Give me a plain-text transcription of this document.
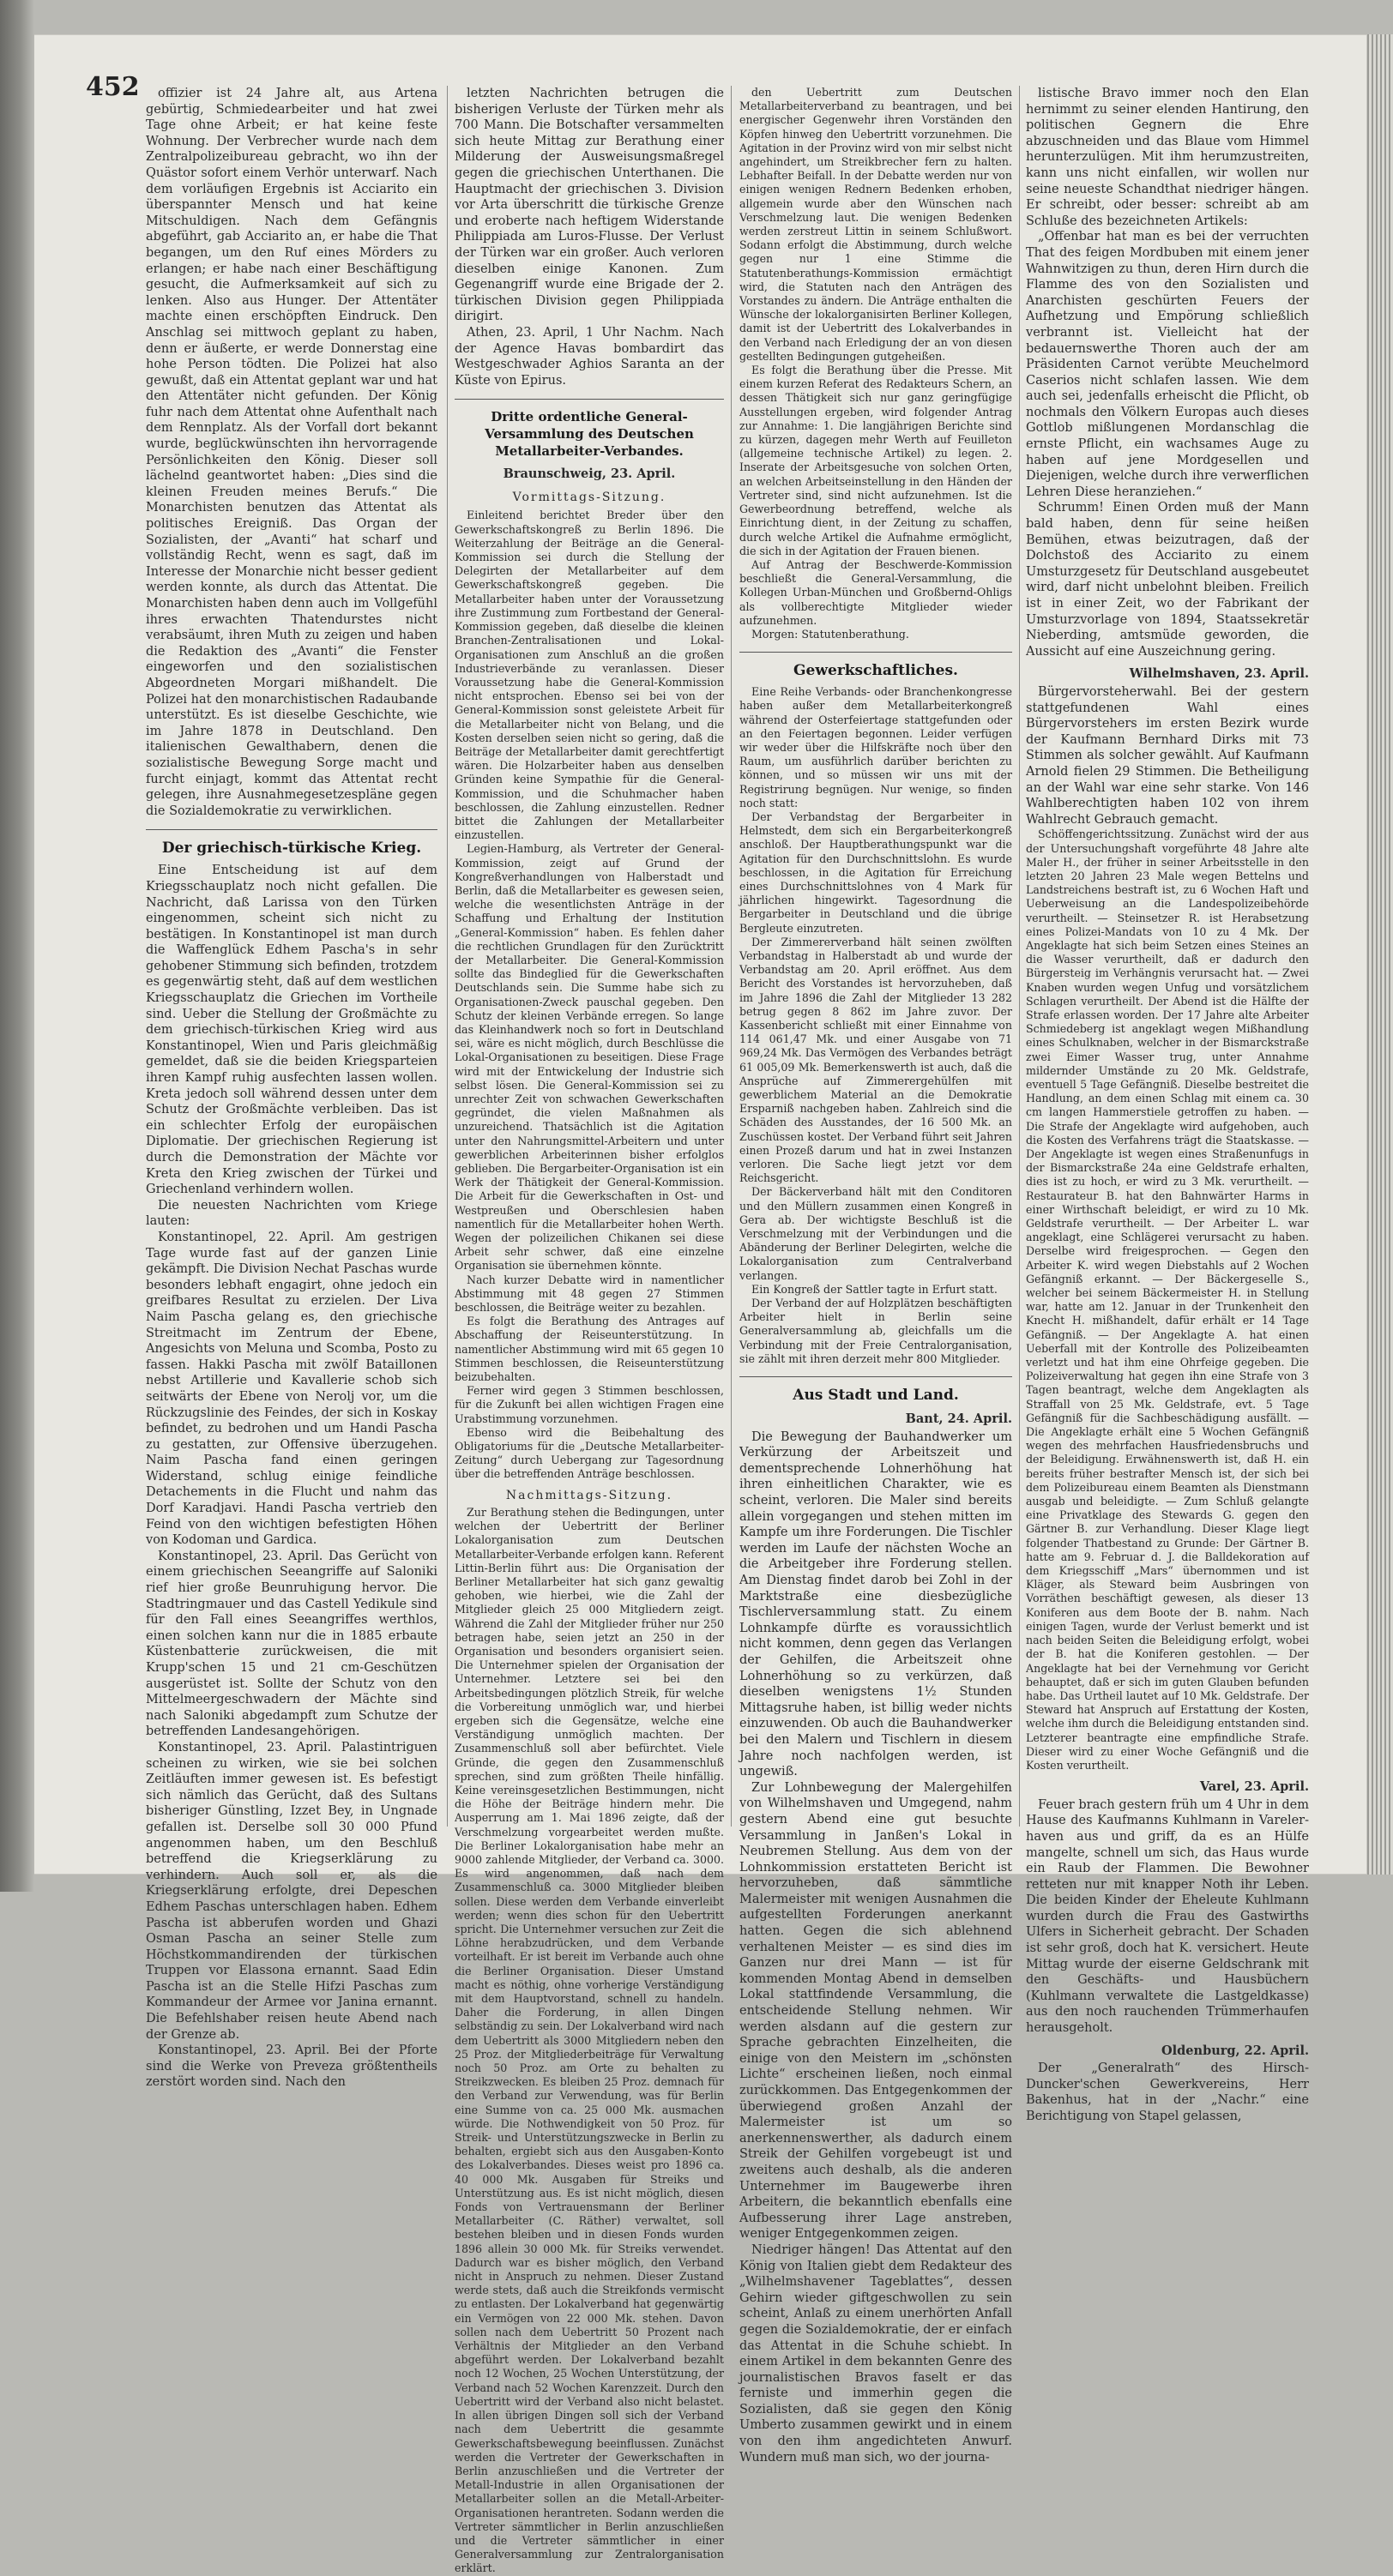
452	offizier ist 24 Jahre alt, aus Artena gebürtig, Schmiedearbeiter und hat zwei Tage ohne Arbeit; er hat keine feste Wohnung. Der Verbrecher wurde nach dem Zentralpolizeibureau gebracht, wo ihn der Quästor sofort einem Verhör unterwarf. Nach dem vorläufigen Ergebnis ist Acciarito ein überspannter Mensch und hat keine Mitschuldigen. Nach dem Gefängnis abgeführt, gab Acciarito an, er habe die That begangen, um den Ruf eines Mörders zu erlangen; er habe nach einer Beschäftigung gesucht, die Aufmerksamkeit auf sich zu lenken. Also aus Hunger. Der Attentäter machte einen erschöpften Eindruck. Den Anschlag sei mittwoch geplant zu haben, denn er äußerte, er werde Donnerstag eine hohe Person tödten. Die Polizei hat also gewußt, daß ein Attentat geplant war und hat den Attentäter nicht gefunden. Der König fuhr nach dem Attentat ohne Aufenthalt nach dem Rennplatz. Als der Vorfall dort bekannt wurde, beglückwünschten ihn hervorragende Persönlichkeiten den König. Dieser soll lächelnd geantwortet haben: „Dies sind die kleinen Freuden meines Berufs.“ Die Monarchisten benutzen das Attentat als politisches Ereigniß. Das Organ der Sozialisten, der „Avanti“ hat scharf und vollständig Recht, wenn es sagt, daß im Interesse der Monarchie nicht besser gedient werden konnte, als durch das Attentat. Die Monarchisten haben denn auch im Vollgefühl ihres erwachten Thatendurstes nicht verabsäumt, ihren Muth zu zeigen und haben die Redaktion des „Avanti“ die Fenster eingeworfen und den sozialistischen Abgeordneten Morgari mißhandelt. Die Polizei hat den monarchistischen Radaubande unterstützt. Es ist dieselbe Geschichte, wie im Jahre 1878 in Deutschland. Den italienischen Gewalthabern, denen die sozialistische Bewegung Sorge macht und furcht einjagt, kommt das Attentat recht gelegen, ihre Ausnahmegesetzespläne gegen die Sozialdemokratie zu verwirklichen.

Der griechisch-türkische Krieg.

Eine Entscheidung ist auf dem Kriegsschauplatz noch nicht gefallen. Die Nachricht, daß Larissa von den Türken eingenommen, scheint sich nicht zu bestätigen. In Konstantinopel ist man durch die Waffenglück Edhem Pascha's in sehr gehobener Stimmung sich befinden, trotzdem es gegenwärtig steht, daß auf dem westlichen Kriegsschauplatz die Griechen im Vortheile sind. Ueber die Stellung der Großmächte zu dem griechisch-türkischen Krieg wird aus Konstantinopel, Wien und Paris gleichmäßig gemeldet, daß sie die beiden Kriegsparteien ihren Kampf ruhig ausfechten lassen wollen. Kreta jedoch soll während dessen unter dem Schutz der Großmächte verbleiben. Das ist ein schlechter Erfolg der europäischen Diplomatie. Der griechischen Regierung ist durch die Demonstration der Mächte vor Kreta den Krieg zwischen der Türkei und Griechenland verhindern wollen.

Die neuesten Nachrichten vom Kriege lauten:

Konstantinopel, 22. April. Am gestrigen Tage wurde fast auf der ganzen Linie gekämpft. Die Division Nechat Paschas wurde besonders lebhaft engagirt, ohne jedoch ein greifbares Resultat zu erzielen. Der Liva Naim Pascha gelang es, den griechische Streitmacht im Zentrum der Ebene, Angesichts von Meluna und Scomba, Posto zu fassen. Hakki Pascha mit zwölf Bataillonen nebst Artillerie und Kavallerie schob sich seitwärts der Ebene von Nerolj vor, um die Rückzugslinie des Feindes, der sich in Koskay befindet, zu bedrohen und um Handi Pascha zu gestatten, zur Offensive überzugehen. Naim Pascha fand einen geringen Widerstand, schlug einige feindliche Detachements in die Flucht und nahm das Dorf Karadjavi. Handi Pascha vertrieb den Feind von den wichtigen befestigten Höhen von Kodoman und Gardica.

Konstantinopel, 23. April. Das Gerücht von einem griechischen Seeangriffe auf Saloniki rief hier große Beunruhigung hervor. Die Stadtringmauer und das Castell Yedikule sind für den Fall eines Seeangriffes werthlos, einen solchen kann nur die in 1885 erbaute Küstenbatterie zurückweisen, die mit Krupp'schen 15 und 21 cm-Geschützen ausgerüstet ist. Sollte der Schutz von den Mittelmeergeschwadern der Mächte sind nach Saloniki abgedampft zum Schutze der betreffenden Landesangehörigen.

Konstantinopel, 23. April. Palastintriguen scheinen zu wirken, wie sie bei solchen Zeitläuften immer gewesen ist. Es befestigt sich nämlich das Gerücht, daß des Sultans bisheriger Günstling, Izzet Bey, in Ungnade gefallen ist. Derselbe soll 30 000 Pfund angenommen haben, um den Beschluß betreffend die Kriegserklärung zu verhindern. Auch soll er, als die Kriegserklärung erfolgte, drei Depeschen Edhem Paschas unterschlagen haben. Edhem Pascha ist abberufen worden und Ghazi Osman Pascha an seiner Stelle zum Höchstkommandirenden der türkischen Truppen vor Elassona ernannt. Saad Edin Pascha ist an die Stelle Hifzi Paschas zum Kommandeur der Armee vor Janina ernannt. Die Befehlshaber reisen heute Abend nach der Grenze ab.

Konstantinopel, 23. April. Bei der Pforte sind die Werke von Preveza größtentheils zerstört worden sind. Nach den

letzten Nachrichten betrugen die bisherigen Verluste der Türken mehr als 700 Mann. Die Botschafter versammelten sich heute Mittag zur Berathung einer Milderung der Ausweisungsmaßregel gegen die griechischen Unterthanen. Die Hauptmacht der griechischen 3. Division vor Arta überschritt die türkische Grenze und eroberte nach heftigem Widerstande Philippiada am Luros-Flusse. Der Verlust der Türken war ein großer. Auch verloren dieselben einige Kanonen. Zum Gegenangriff wurde eine Brigade der 2. türkischen Division gegen Philippiada dirigirt.

Athen, 23. April, 1 Uhr Nachm. Nach der Agence Havas bombardirt das Westgeschwader Aghios Saranta an der Küste von Epirus.

Dritte ordentliche General-Versammlung des Deutschen Metallarbeiter-Verbandes.
Braunschweig, 23. April.
Vormittags-Sitzung.

Einleitend berichtet Breder über den Gewerkschaftskongreß zu Berlin 1896. Die Weiterzahlung der Beiträge an die General-Kommission sei durch die Stellung der Delegirten der Metallarbeiter auf dem Gewerkschaftskongreß gegeben. Die Metallarbeiter haben unter der Voraussetzung ihre Zustimmung zum Fortbestand der General-Kommission gegeben, daß dieselbe die kleinen Branchen-Zentralisationen und Lokal-Organisationen zum Anschluß an die großen Industrieverbände zu veranlassen. Dieser Voraussetzung habe die General-Kommission nicht entsprochen. Ebenso sei bei von der General-Kommission sonst geleistete Arbeit für die Metallarbeiter nicht von Belang, und die Kosten derselben seien nicht so gering, daß die Beiträge der Metallarbeiter damit gerechtfertigt wären. Die Holzarbeiter haben aus denselben Gründen keine Sympathie für die General-Kommission, und die Schuhmacher haben beschlossen, die Zahlung einzustellen. Redner bittet die Zahlungen der Metallarbeiter einzustellen.

Legien-Hamburg, als Vertreter der General-Kommission, zeigt auf Grund der Kongreßverhandlungen von Halberstadt und Berlin, daß die Metallarbeiter es gewesen seien, welche die wesentlichsten Anträge in der Schaffung und Erhaltung der Institution „General-Kommission“ haben. Es fehlen daher die rechtlichen Grundlagen für den Zurücktritt der Metallarbeiter. Die General-Kommission sollte das Bindeglied für die Gewerkschaften Deutschlands sein. Die Summe habe sich zu Organisationen-Zweck pauschal gegeben. Den Schutz der kleinen Verbände erregen. So lange das Kleinhandwerk noch so fort in Deutschland sei, wäre es nicht möglich, durch Beschlüsse die Lokal-Organisationen zu beseitigen. Diese Frage wird mit der Entwickelung der Industrie sich selbst lösen. Die General-Kommission sei zu unrechter Zeit von schwachen Gewerkschaften gegründet, die vielen Maßnahmen als unzureichend. Thatsächlich ist die Agitation unter den Nahrungsmittel-Arbeitern und unter gewerblichen Arbeiterinnen bisher erfolglos geblieben. Die Bergarbeiter-Organisation ist ein Werk der Thätigkeit der General-Kommission. Die Arbeit für die Gewerkschaften in Ost- und Westpreußen und Oberschlesien haben namentlich für die Metallarbeiter hohen Werth. Wegen der polizeilichen Chikanen sei diese Arbeit sehr schwer, daß eine einzelne Organisation sie übernehmen könnte.

Nach kurzer Debatte wird in namentlicher Abstimmung mit 48 gegen 27 Stimmen beschlossen, die Beiträge weiter zu bezahlen.

Es folgt die Berathung des Antrages auf Abschaffung der Reiseunterstützung. In namentlicher Abstimmung wird mit 65 gegen 10 Stimmen beschlossen, die Reiseunterstützung beizubehalten.

Ferner wird gegen 3 Stimmen beschlossen, für die Zukunft bei allen wichtigen Fragen eine Urabstimmung vorzunehmen.

Ebenso wird die Beibehaltung des Obligatoriums für die „Deutsche Metallarbeiter-Zeitung“ durch Uebergang zur Tagesordnung über die betreffenden Anträge beschlossen.

Nachmittags-Sitzung.

Zur Berathung stehen die Bedingungen, unter welchen der Uebertritt der Berliner Lokalorganisation zum Deutschen Metallarbeiter-Verbande erfolgen kann. Referent Littin-Berlin führt aus: Die Organisation der Berliner Metallarbeiter hat sich ganz gewaltig gehoben, wie hierbei, wie die Zahl der Mitglieder gleich 25 000 Mitgliedern zeigt. Während die Zahl der Mitglieder früher nur 250 betragen habe, seien jetzt an 250 in der Organisation und besonders organisiert seien. Die Unternehmer spielen der Organisation der Unternehmer. Letztere sei bei den Arbeitsbedingungen plötzlich Streik, für welche die Vorbereitung unmöglich war, und hierbei ergeben sich die Gegensätze, welche eine Verständigung unmöglich machten. Der Zusammenschluß soll aber befürchtet. Viele Gründe, die gegen den Zusammenschluß sprechen, sind zum größten Theile hinfällig. Keine vereinsgesetzlichen Bestimmungen, nicht die Höhe der Beiträge hindern mehr. Die Ausperrung am 1. Mai 1896 zeigte, daß der Verschmelzung vorgearbeitet werden mußte. Die Berliner Lokalorganisation habe mehr an 9000 zahlende Mitglieder, der Verband ca. 3000. Es wird angenommen, daß nach dem Zusammenschluß ca. 3000 Mitglieder bleiben sollen. Diese werden dem Verbande einverleibt werden; wenn dies schon für den Uebertritt spricht. Die Unternehmer versuchen zur Zeit die Löhne herabzudrücken, und dem Verbande vorteilhaft. Er ist bereit im Verbande auch ohne die Berliner Organisation. Dieser Umstand macht es nöthig, ohne vorherige Verständigung mit dem Hauptvorstand, schnell zu handeln. Daher die Forderung, in allen Dingen selbständig zu sein. Der Lokalverband wird nach dem Uebertritt als 3000 Mitgliedern neben den 25 Proz. der Mitgliederbeiträge für Verwaltung noch 50 Proz. am Orte zu behalten zu Streikzwecken. Es bleiben 25 Proz. demnach für den Verband zur Verwendung, was für Berlin eine Summe von ca. 25 000 Mk. ausmachen würde. Die Nothwendigkeit von 50 Proz. für Streik- und Unterstützungszwecke in Berlin zu behalten, ergiebt sich aus den Ausgaben-Konto des Lokalverbandes. Dieses weist pro 1896 ca. 40 000 Mk. Ausgaben für Streiks und Unterstützung aus. Es ist nicht möglich, diesen Fonds von Vertrauensmann der Berliner Metallarbeiter (C. Räther) verwaltet, soll bestehen bleiben und in diesen Fonds wurden 1896 allein 30 000 Mk. für Streiks verwendet. Dadurch war es bisher möglich, den Verband nicht in Anspruch zu nehmen. Dieser Zustand werde stets, daß auch die Streikfonds vermischt zu entlasten. Der Lokalverband hat gegenwärtig ein Vermögen von 22 000 Mk. stehen. Davon sollen nach dem Uebertritt 50 Prozent nach Verhältnis der Mitglieder an den Verband abgeführt werden. Der Lokalverband bezahlt noch 12 Wochen, 25 Wochen Unterstützung, der Verband nach 52 Wochen Karenzzeit. Durch den Uebertritt wird der Verband also nicht belastet. In allen übrigen Dingen soll sich der Verband nach dem Uebertritt die gesammte Gewerkschaftsbewegung beeinflussen. Zunächst werden die Vertreter der Gewerkschaften in Berlin anzuschließen und die Vertreter der Metall-Industrie in allen Organisationen der Metallarbeiter sollen an die Metall-Arbeiter-Organisationen herantreten. Sodann werden die Vertreter sämmtlicher in Berlin anzuschließen und die Vertreter sämmtlicher in einer Generalversammlung zur Zentralorganisation erklärt.

den Uebertritt zum Deutschen Metallarbeiterverband zu beantragen, und bei energischer Gegenwehr ihren Vorständen den Köpfen hinweg den Uebertritt vorzunehmen. Die Agitation in der Provinz wird von mir selbst nicht angehindert, um Streikbrecher fern zu halten. Lebhafter Beifall. In der Debatte werden nur von einigen wenigen Rednern Bedenken erhoben, allgemein wurde aber den Wünschen nach Verschmelzung laut. Die wenigen Bedenken werden zerstreut Littin in seinem Schlußwort. Sodann erfolgt die Abstimmung, durch welche gegen nur 1 eine Stimme die Statutenberathungs-Kommission ermächtigt wird, die Statuten nach den Anträgen des Vorstandes zu ändern. Die Anträge enthalten die Wünsche der lokalorganisirten Berliner Kollegen, damit ist der Uebertritt des Lokalverbandes in den Verband nach Erledigung der an von diesen gestellten Bedingungen gutgeheißen.

Es folgt die Berathung über die Presse. Mit einem kurzen Referat des Redakteurs Schern, an dessen Thätigkeit sich nur ganz geringfügige Ausstellungen ergeben, wird folgender Antrag zur Annahme: 1. Die langjährigen Berichte sind zu kürzen, dagegen mehr Werth auf Feuilleton (allgemeine technische Artikel) zu legen. 2. Inserate der Arbeitsgesuche von solchen Orten, an welchen Arbeitseinstellung in den Händen der Vertreter sind, sind nicht aufzunehmen. Ist die Gewerbeordnung betreffend, welche als Einrichtung dient, in der Zeitung zu schaffen, durch welche Artikel die Aufnahme ermöglicht, die sich in der Agitation der Frauen bienen.

Auf Antrag der Beschwerde-Kommission beschließt die General-Versammlung, die Kollegen Urban-München und Großbernd-Ohligs als vollberechtigte Mitglieder wieder aufzunehmen.

Morgen: Statutenberathung.

Gewerkschaftliches.

Eine Reihe Verbands- oder Branchenkongresse haben außer dem Metallarbeiterkongreß während der Osterfeiertage stattgefunden oder an den Feiertagen begonnen. Leider verfügen wir weder über die Hilfskräfte noch über den Raum, um ausführlich darüber berichten zu können, und so müssen wir uns mit der Registrirung begnügen. Nur wenige, so finden noch statt:

Der Verbandstag der Bergarbeiter in Helmstedt, dem sich ein Bergarbeiterkongreß anschloß. Der Hauptberathungspunkt war die Agitation für den Durchschnittslohn. Es wurde beschlossen, in die Agitation für Erreichung eines Durchschnittslohnes von 4 Mark für jährlichen hingewirkt. Tagesordnung die Bergarbeiter in Deutschland und die übrige Bergleute einzutreten.

Der Zimmererverband hält seinen zwölften Verbandstag in Halberstadt ab und wurde der Verbandstag am 20. April eröffnet. Aus dem Bericht des Vorstandes ist hervorzuheben, daß im Jahre 1896 die Zahl der Mitglieder 13 282 betrug gegen 8 862 im Jahre zuvor. Der Kassenbericht schließt mit einer Einnahme von 114 061,47 Mk. und einer Ausgabe von 71 969,24 Mk. Das Vermögen des Verbandes beträgt 61 005,09 Mk. Bemerkenswerth ist auch, daß die Ansprüche auf Zimmerergehülfen mit gewerblichem Material an die Demokratie Ersparniß nachgeben haben. Zahlreich sind die Schäden des Ausstandes, der 16 500 Mk. an Zuschüssen kostet. Der Verband führt seit Jahren einen Prozeß darum und hat in zwei Instanzen verloren. Die Sache liegt jetzt vor dem Reichsgericht.

Der Bäckerverband hält mit den Conditoren und den Müllern zusammen einen Kongreß in Gera ab. Der wichtigste Beschluß ist die Verschmelzung mit der Verbindungen und die Abänderung der Berliner Delegirten, welche die Lokalorganisation zum Centralverband verlangen.

Ein Kongreß der Sattler tagte in Erfurt statt.

Der Verband der auf Holzplätzen beschäftigten Arbeiter hielt in Berlin seine Generalversammlung ab, gleichfalls um die Verbindung mit der Freie Centralorganisation, sie zählt mit ihren derzeit mehr 800 Mitglieder.

Aus Stadt und Land.
Bant, 24. April.

Die Bewegung der Bauhandwerker um Verkürzung der Arbeitszeit und dementsprechende Lohnerhöhung hat ihren einheitlichen Charakter, wie es scheint, verloren. Die Maler sind bereits allein vorgegangen und stehen mitten im Kampfe um ihre Forderungen. Die Tischler werden im Laufe der nächsten Woche an die Arbeitgeber ihre Forderung stellen. Am Dienstag findet darob bei Zohl in der Marktstraße eine diesbezügliche Tischlerversammlung statt. Zu einem Lohnkampfe dürfte es voraussichtlich nicht kommen, denn gegen das Verlangen der Gehilfen, die Arbeitszeit ohne Lohnerhöhung so zu verkürzen, daß dieselben wenigstens 1½ Stunden Mittagsruhe haben, ist billig weder nichts einzuwenden. Ob auch die Bauhandwerker bei den Malern und Tischlern in diesem Jahre noch nachfolgen werden, ist ungewiß.

Zur Lohnbewegung der Malergehilfen von Wilhelmshaven und Umgegend, nahm gestern Abend eine gut besuchte Versammlung in Janßen's Lokal in Neubremen Stellung. Aus dem von der Lohnkommission erstatteten Bericht ist hervorzuheben, daß sämmtliche Malermeister mit wenigen Ausnahmen die aufgestellten Forderungen anerkannt hatten. Gegen die sich ablehnend verhaltenen Meister — es sind dies im Ganzen nur drei Mann — ist für kommenden Montag Abend in demselben Lokal stattfindende Versammlung, die entscheidende Stellung nehmen. Wir werden alsdann auf die gestern zur Sprache gebrachten Einzelheiten, die einige von den Meistern im „schönsten Lichte“ erscheinen ließen, noch einmal zurückkommen. Das Entgegenkommen der überwiegend großen Anzahl der Malermeister ist um so anerkennenswerther, als dadurch einem Streik der Gehilfen vorgebeugt ist und zweitens auch deshalb, als die anderen Unternehmer im Baugewerbe ihren Arbeitern, die bekanntlich ebenfalls eine Aufbesserung ihrer Lage anstreben, weniger Entgegenkommen zeigen.

Niedriger hängen! Das Attentat auf den König von Italien giebt dem Redakteur des „Wilhelmshavener Tageblattes“, dessen Gehirn wieder giftgeschwollen zu sein scheint, Anlaß zu einem unerhörten Anfall gegen die Sozialdemokratie, der er einfach das Attentat in die Schuhe schiebt. In einem Artikel in dem bekannten Genre des journalistischen Bravos faselt er das ferniste und immerhin gegen die Sozialisten, daß sie gegen den König Umberto zusammen gewirkt und in einem von den ihm angedichteten Anwurf. Wundern muß man sich, wo der journa-

listische Bravo immer noch den Elan hernimmt zu seiner elenden Hantirung, den politischen Gegnern die Ehre abzuschneiden und das Blaue vom Himmel herunterzulügen. Mit ihm herumzustreiten, kann uns nicht einfallen, wir wollen nur seine neueste Schandthat niedriger hängen. Er schreibt, oder besser: schreibt ab am Schluße des bezeichneten Artikels:

„Offenbar hat man es bei der verruchten That des feigen Mordbuben mit einem jener Wahnwitzigen zu thun, deren Hirn durch die Flamme des von den Sozialisten und Anarchisten geschürten Feuers der Aufhetzung und Empörung schließlich verbrannt ist. Vielleicht hat der bedauernswerthe Thoren auch der am Präsidenten Carnot verübte Meuchelmord Caserios nicht schlafen lassen. Wie dem auch sei, jedenfalls erheischt die Pflicht, ob nochmals den Völkern Europas auch dieses Gottlob mißlungenen Mordanschlag die ernste Pflicht, ein wachsames Auge zu haben auf jene Mordgesellen und Diejenigen, welche durch ihre verwerflichen Lehren Diese heranziehen.“

Schrumm! Einen Orden muß der Mann bald haben, denn für seine heißen Bemühen, etwas beizutragen, daß der Dolchstoß des Acciarito zu einem Umsturzgesetz für Deutschland ausgebeutet wird, darf nicht unbelohnt bleiben. Freilich ist in einer Zeit, wo der Fabrikant der Umsturzvorlage von 1894, Staatssekretär Nieberding, amtsmüde geworden, die Aussicht auf eine Auszeichnung gering.

Wilhelmshaven, 23. April.

Bürgervorsteherwahl. Bei der gestern stattgefundenen Wahl eines Bürgervorstehers im ersten Bezirk wurde der Kaufmann Bernhard Dirks mit 73 Stimmen als solcher gewählt. Auf Kaufmann Arnold fielen 29 Stimmen. Die Betheiligung an der Wahl war eine sehr starke. Von 146 Wahlberechtigten haben 102 von ihrem Wahlrecht Gebrauch gemacht.

Schöffengerichtssitzung. Zunächst wird der aus der Untersuchungshaft vorgeführte 48 Jahre alte Maler H., der früher in seiner Arbeitsstelle in den letzten 20 Jahren 23 Male wegen Bettelns und Landstreichens bestraft ist, zu 6 Wochen Haft und Ueberweisung an die Landespolizeibehörde verurtheilt. — Steinsetzer R. ist Herabsetzung eines Polizei-Mandats von 10 zu 4 Mk. Der Angeklagte hat sich beim Setzen eines Steines an die Wasser verurtheilt, daß er dadurch den Bürgersteig im Verhängnis verursacht hat. — Zwei Knaben wurden wegen Unfug und vorsätzlichem Schlagen verurtheilt. Der Abend ist die Hälfte der Strafe erlassen worden. Der 17 Jahre alte Arbeiter Schmiedeberg ist angeklagt wegen Mißhandlung eines Schulknaben, welcher in der Bismarckstraße zwei Eimer Wasser trug, unter Annahme mildernder Umstände zu 20 Mk. Geldstrafe, eventuell 5 Tage Gefängniß. Dieselbe bestreitet die Handlung, an dem einen Schlag mit einem ca. 30 cm langen Hammerstiele getroffen zu haben. — Die Strafe der Angeklagte wird aufgehoben, auch die Kosten des Verfahrens trägt die Staatskasse. — Der Angeklagte ist wegen eines Straßenunfugs in der Bismarckstraße 24a eine Geldstrafe erhalten, dies ist zu hoch, er wird zu 3 Mk. verurtheilt. — Restaurateur B. hat den Bahnwärter Harms in einer Wirthschaft beleidigt, er wird zu 10 Mk. Geldstrafe verurtheilt. — Der Arbeiter L. war angeklagt, eine Schlägerei verursacht zu haben. Derselbe wird freigesprochen. — Gegen den Arbeiter K. wird wegen Diebstahls auf 2 Wochen Gefängniß erkannt. — Der Bäckergeselle S., welcher bei seinem Bäckermeister H. in Stellung war, hatte am 12. Januar in der Trunkenheit den Knecht H. mißhandelt, dafür erhält er 14 Tage Gefängniß. — Der Angeklagte A. hat einen Ueberfall mit der Kontrolle des Polizeibeamten verletzt und hat ihm eine Ohrfeige gegeben. Die Polizeiverwaltung hat gegen ihn eine Strafe von 3 Tagen beantragt, welche dem Angeklagten als Straffall von 25 Mk. Geldstrafe, evt. 5 Tage Gefängniß für die Sachbeschädigung ausfällt. — Die Angeklagte erhält eine 5 Wochen Gefängniß wegen des mehrfachen Hausfriedensbruchs und der Beleidigung. Erwähnenswerth ist, daß H. ein bereits früher bestrafter Mensch ist, der sich bei dem Polizeibureau einem Beamten als Dienstmann ausgab und beleidigte. — Zum Schluß gelangte eine Privatklage des Stewards G. gegen den Gärtner B. zur Verhandlung. Dieser Klage liegt folgender Thatbestand zu Grunde: Der Gärtner B. hatte am 9. Februar d. J. die Balldekoration auf dem Kriegsschiff „Mars“ übernommen und ist Kläger, als Steward beim Ausbringen von Vorräthen beschäftigt gewesen, als dieser 13 Koniferen aus dem Boote der B. nahm. Nach einigen Tagen, wurde der Verlust bemerkt und ist nach beiden Seiten die Beleidigung erfolgt, wobei der B. hat die Koniferen gestohlen. — Der Angeklagte hat bei der Vernehmung vor Gericht behauptet, daß er sich im guten Glauben befunden habe. Das Urtheil lautet auf 10 Mk. Geldstrafe. Der Steward hat Anspruch auf Erstattung der Kosten, welche ihm durch die Beleidigung entstanden sind. Letzterer beantragte eine empfindliche Strafe. Dieser wird zu einer Woche Gefängniß und die Kosten verurtheilt.

Varel, 23. April.

Feuer brach gestern früh um 4 Uhr in dem Hause des Kaufmanns Kuhlmann in Vareler-haven aus und griff, da es an Hülfe mangelte, schnell um sich, das Haus wurde ein Raub der Flammen. Die Bewohner retteten nur mit knapper Noth ihr Leben. Die beiden Kinder der Eheleute Kuhlmann wurden durch die Frau des Gastwirths Ulfers in Sicherheit gebracht. Der Schaden ist sehr groß, doch hat K. versichert. Heute Mittag wurde der eiserne Geldschrank mit den Geschäfts- und Hausbüchern (Kuhlmann verwaltete die Lastgeldkasse) aus den noch rauchenden Trümmerhaufen herausgeholt.

Oldenburg, 22. April.

Der „Generalrath“ des Hirsch-Duncker'schen Gewerkvereins, Herr Bakenhus, hat in der „Nachr.“ eine Berichtigung von Stapel gelassen,
